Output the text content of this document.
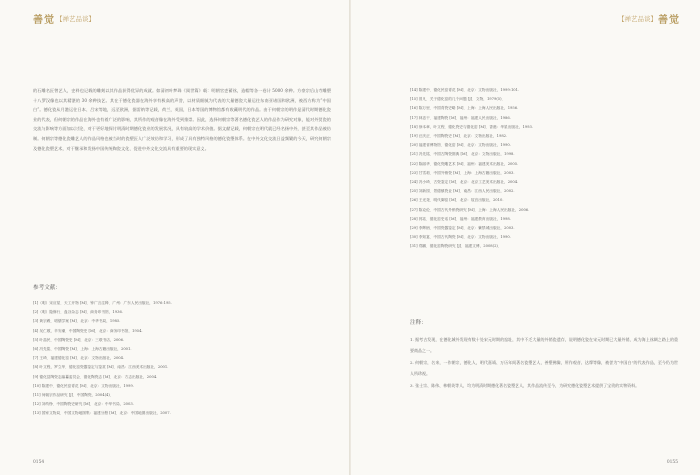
善觉 【禅艺品谈】
的石雕名匠曾艺人，史料也记载的雕刻以其作品获得优异的成就。如清初叶梦珠《阅世篇》载：明朝官吏蓄丝，造帽等各一卷计 5000 余种。方豪宗后山寺雕塑十八罗汉像也以其精湛的 30 余种技艺。其在于德化瓷器在海外享有极高的声誉，以材质细腻为代表的大量德瓷大量运往东南亚诸国和欧洲，被西方称为“中国白”。德化瓷从月港运往日本、吕宋等地，远至欧洲，据雷纳等记载，荷兰，英国，日本等国的博物馆都有收藏明代的作品。由于何朝宗的明作是清代时期德化瓷业的代表，但何朝宗的作品在海外也有着广泛的影响，其所作的观音像在海外受到推崇。因此，选择何朝宗等著名德化瓷艺人的作品作为研究对象，能对外贸瓷的交流与影响等方面加以讨论，对于更好地探讨明清时期德化瓷业的发展状况，具有较高的学术价值。据文献记载，何朝宗在明代就已经名扬中外，甚至其作品被仿制。何朝宗等德化瓷雕艺人的作品风格也被当时的瓷塑匠人广泛效仿和学习，形成了具有独特风格的德化瓷塑体系。在中外文化交流日益频繁的今天，研究何朝宗及德化瓷塑艺术，对于继承和发扬中国传统陶瓷文化、促进中外文化交流具有重要的现实意义。
参考文献：
[1]（明）宋应星．天工开物 [M]．钟广言注释．广州：广东人民出版社，1976:195.
[2]（明）隐修行．盘谷杂志 [M]．商务印书馆，1936.
[3] 黄宗羲．明儒学案 [M]．北京：中华书局，1985.
[4] 吴仁敬，辛安潮．中国陶瓷史 [M]．北京：商务印书馆，1954.
[5] 叶喆民．中国陶瓷史 [M]．北京：三联书店，2006.
[6] 冯先铭．中国陶瓷 [M]．上海：上海古籍出版社，2001.
[7] 王琦．福建德化窑 [M]．北京：文物出版社，2004.
[8] 叶文程，罗立华．德化窑瓷器鉴定与鉴赏 [M]．南昌：江西美术出版社，2001.
[9] 德化县陶瓷志编纂委员会．德化陶瓷志 [M]．北京：方志出版社，2004.
[10] 陈建中．德化民窑青花 [M]．北京：文物出版社，1999.
[11] 何朝宗作品研究 [J]．中国陶瓷，2004(4)．
[12] 刘幼铮．中国陶瓷史研究 [M]．北京：中华书局，2003.
[13] 国家文物局．中国文物地图集：福建分册 [M]．北京：中国地图出版社，2007.
0154
【禅艺品谈】 善觉
[14] 陈建中．德化民窑青花 [M]．北京：文物出版社，1999:101.
[15] 曾凡．关于德化窑的几个问题 [J]．文物，1979(5)．
[16] 陈万里．中国青瓷史略 [M]．上海：上海人民出版社，1956.
[17] 林忠干．福建陶瓷 [M]．福州：福建人民出版社，1986.
[18] 徐本章，叶文程．德化瓷史与德化窑 [M]．香港：华星出版社，1993.
[19] 汪庆正．中国陶瓷史 [M]．北京：文物出版社，1982.
[20] 福建省博物馆．德化窑 [M]．北京：文物出版社，1990.
[21] 冯先铭．中国古陶瓷图典 [M]．北京：文物出版社，1998.
[22] 陈丽华．德化瓷雕艺术 [M]．福州：福建美术出版社，2005.
[23] 甘雪莉．中国外销瓷 [M]．上海：上海古籍出版社，2003.
[24] 冯小琦．古瓷鉴定 [M]．北京：北京工艺美术出版社，2004.
[25] 刘新园．景德镇瓷业 [M]．南昌：江西人民出版社，2002.
[26] 王光尧．明代御窑 [M]．北京：故宫出版社，2010.
[27] 陈克伦．中国古代外销瓷研究 [M]．上海：上海人民出版社，2006.
[28] 郭祐．德化窑史话 [M]．福州：福建教育出版社，1998.
[29] 李辉柄．中国瓷器鉴定 [M]．北京：紫禁城出版社，2003.
[30] 李知宴．中国古代陶瓷 [M]．北京：文物出版社，1990.
[31] 郑鹏．德化窑陶瓷研究 [J]．福建文博，2008(2)．
注释：
1. 据考古发现，在德化城外发现有数十处宋元时期的窑址，其中不乏大量的外销瓷遗存，说明德化瓷在宋元时期已大量外销，成为海上丝绸之路上的重要商品之一。
2. 何朝宗，名来，一作朝宗，德化人，明代嘉靖、万历年间著名瓷塑艺人，善塑佛像，所作观音、达摩等像，被誉为“中国白”的代表作品，至今仍为世人所珍视。
3. 张士宗、陈伟、林朝英等人，均为明清时期德化著名瓷塑艺人，其作品流传至今，为研究德化瓷塑艺术提供了宝贵的实物资料。
0155
